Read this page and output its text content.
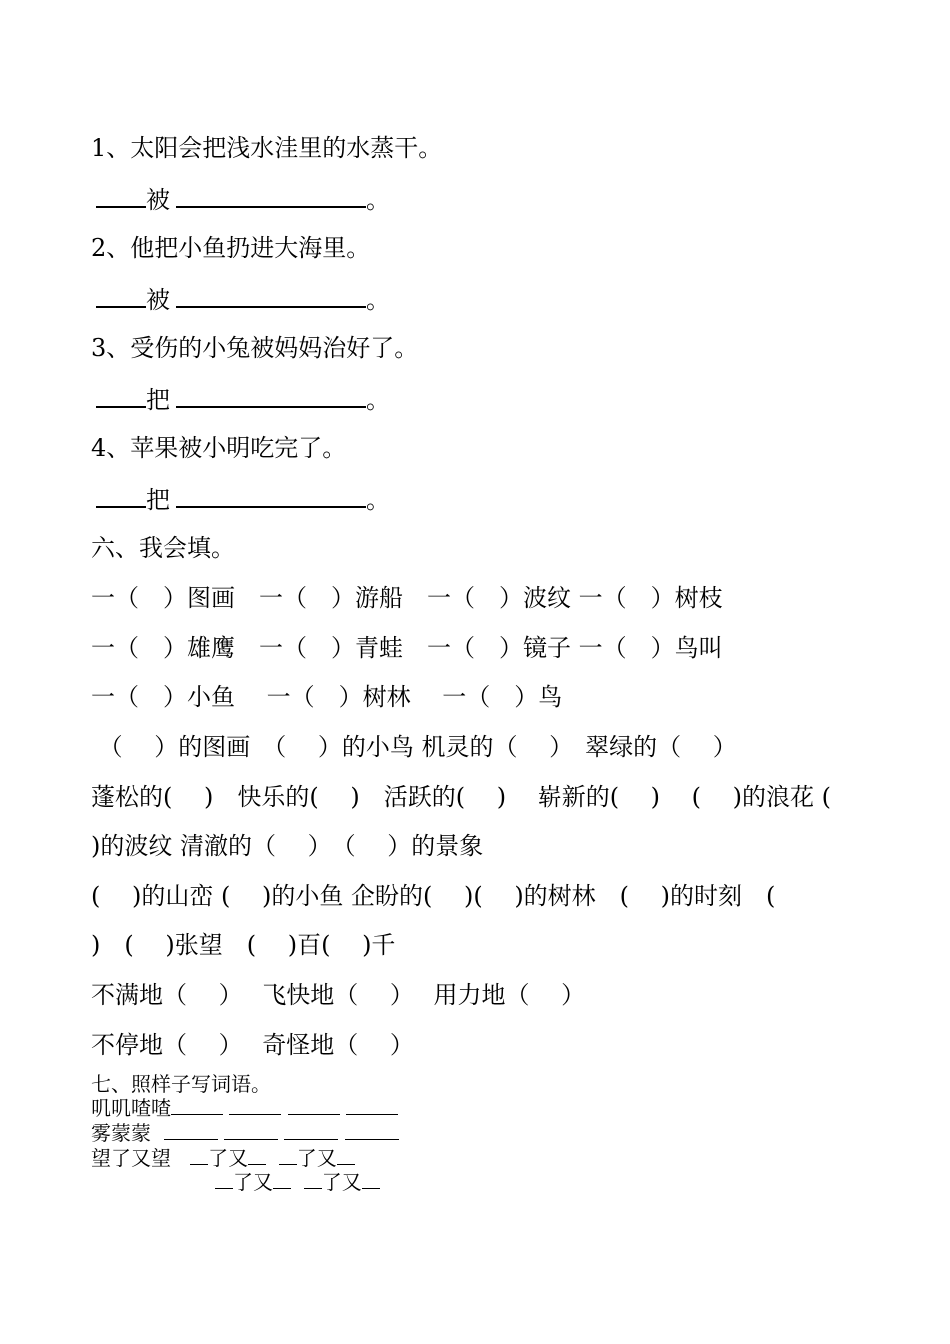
1、太阳会把浅水洼里的水蒸干。
被	。
2、他把小鱼扔进大海里。
被	。
3、受伤的小兔被妈妈治好了。
把	。
4、苹果被小明吃完了。
把	。
六、我会填。
一（　）图画　一（　）游船　一（　）波纹 一（　）树枝
一（　）雄鹰　一（　）青蛙　一（　）镜子 一（　）鸟叫
一（　）小鱼　 一（　）树林　 一（　）鸟
（　 ）的图画　（　 ）的小鸟 机灵的（　 ）　翠绿的（　 ）
蓬松的(　 )　快乐的(　 )　活跃的(　 )　 崭新的(　 )　 (　 )的浪花 (
)的波纹 清澈的（　 ）　（　 ）的景象
(　 )的山峦 (　 )的小鱼 企盼的(　 )(　 )的树林　(　 )的时刻　(
)　(　 )张望　(　 )百(　 )千
不满地（　 ）　 飞快地（　 ）　 用力地（　 ）
不停地（　 ）　 奇怪地（　 ）
七、照样子写词语。
叽叽喳喳
雾蒙蒙
望了又望 了又 了又
了又 了又
